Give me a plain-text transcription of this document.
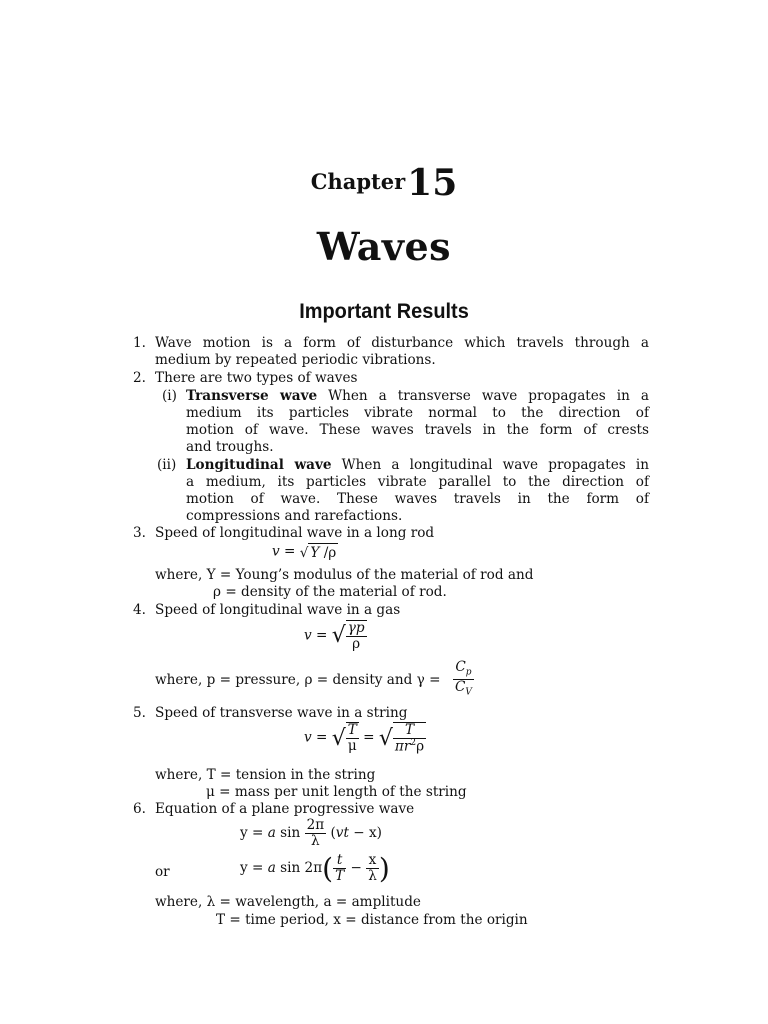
Chapter15
Waves
Important Results
1. Wave motion is a form of disturbance which travels through a
medium by repeated periodic vibrations.
2. There are two types of waves
(i) Transverse wave When a transverse wave propagates in a
medium its particles vibrate normal to the direction of
motion of wave. These waves travels in the form of crests
and troughs.
(ii) Longitudinal wave When a longitudinal wave propagates in
a medium, its particles vibrate parallel to the direction of
motion of wave. These waves travels in the form of
compressions and rarefactions.
3. Speed of longitudinal wave in a long rod
v = √ Y /ρ
where, Y = Young’s modulus of the material of rod and
ρ = density of the material of rod.
4. Speed of longitudinal wave in a gas
v = √ $\frac{\gamma p}{\rho}$
where, p = pressure, ρ = density and $\gamma = \frac{C_p}{C_V}$
5. Speed of transverse wave in a string
v = √ $\frac{T}{\mu}$ = √ $\frac{T}{\pi r^2\rho}$
where, T = tension in the string
μ = mass per unit length of the string
6. Equation of a plane progressive wave
y = a $\sin \frac{2\pi}{\lambda} (vt - x)$
or	y = a $\sin 2\pi( \frac{t}{T} - \frac{x}{\lambda}$ )
where, λ = wavelength, a = amplitude
T = time period, x = distance from the origin
